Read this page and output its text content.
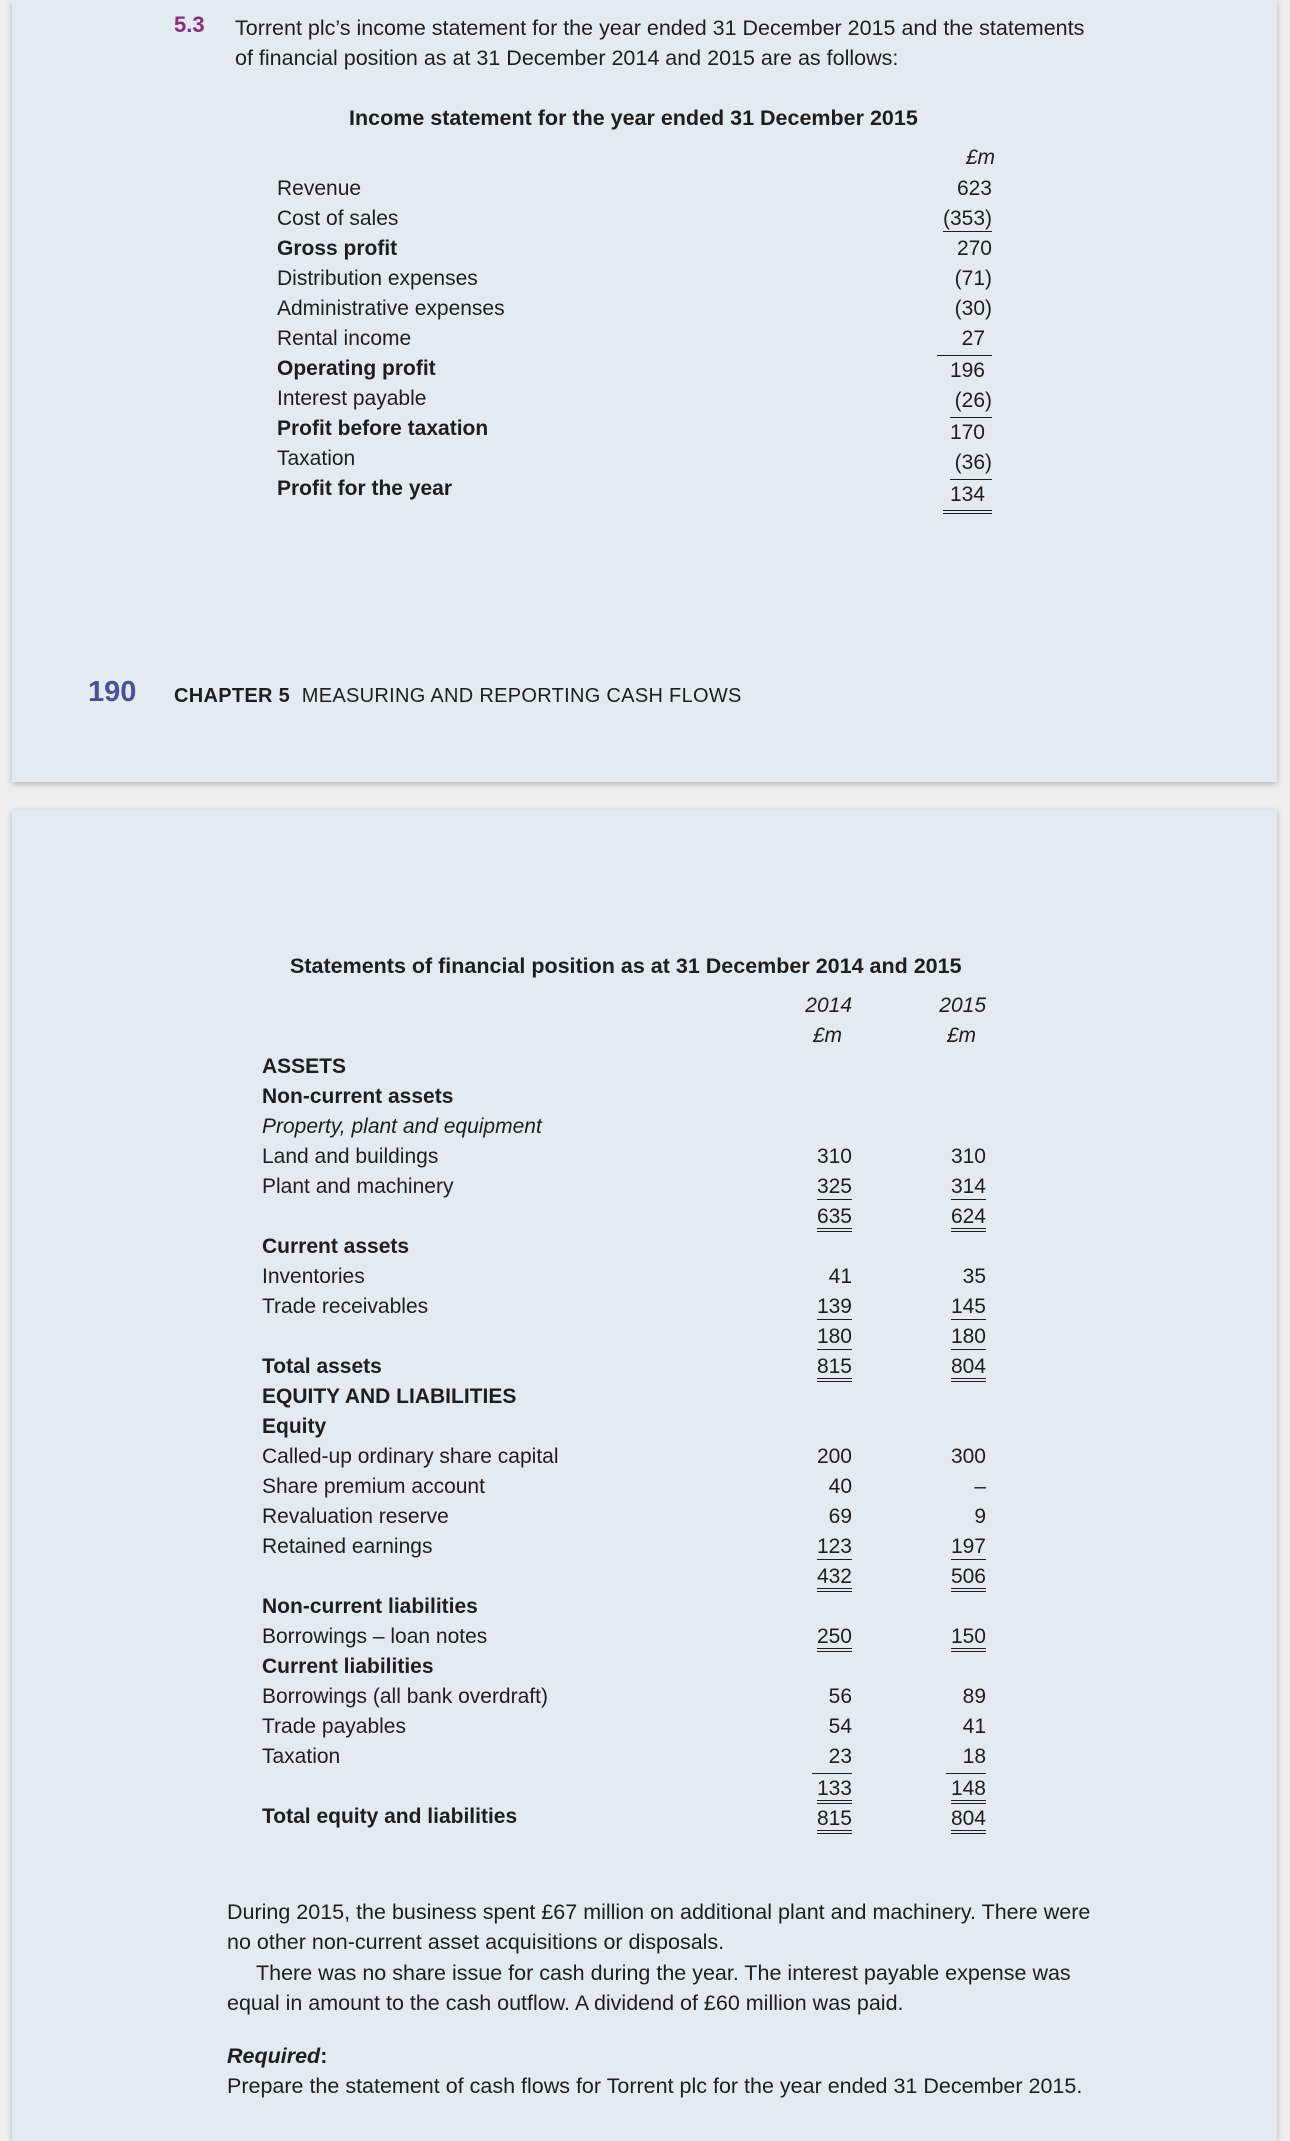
5.3 Torrent plc’s income statement for the year ended 31 December 2015 and the statements
of financial position as at 31 December 2014 and 2015 are as follows:
Income statement for the year ended 31 December 2015
£m
Revenue
Cost of sales
Gross profit
Distribution expenses
Administrative expenses
Rental income
Operating profit
Interest payable
Profit before taxation
Taxation
Profit for the year
623
(353)
270
(71)
(30)
27
196
(26)
170
(36)
134
190 CHAPTER 5 MEASURING AND REPORTING CASH FLOWS
Statements of financial position as at 31 December 2014 and 2015
2014	2015
£m	£m
ASSETS
Non-current assets
Property, plant and equipment
Land and buildings
Plant and machinery

Current assets
Inventories
Trade receivables

Total assets
EQUITY AND LIABILITIES
Equity
Called-up ordinary share capital
Share premium account
Revaluation reserve
Retained earnings

Non-current liabilities
Borrowings – loan notes
Current liabilities
Borrowings (all bank overdraft)
Trade payables
Taxation

Total equity and liabilities

310
325
635

41
139
180
815

200
40
69
123
432

250

56
54
23
133
815

310
314
624

35
145
180
804

300
–
9
197
506

150

89
41
18
148
804
During 2015, the business spent £67 million on additional plant and machinery. There were
no other non-current asset acquisitions or disposals.
There was no share issue for cash during the year. The interest payable expense was
equal in amount to the cash outflow. A dividend of £60 million was paid.
Required:
Prepare the statement of cash flows for Torrent plc for the year ended 31 December 2015.
